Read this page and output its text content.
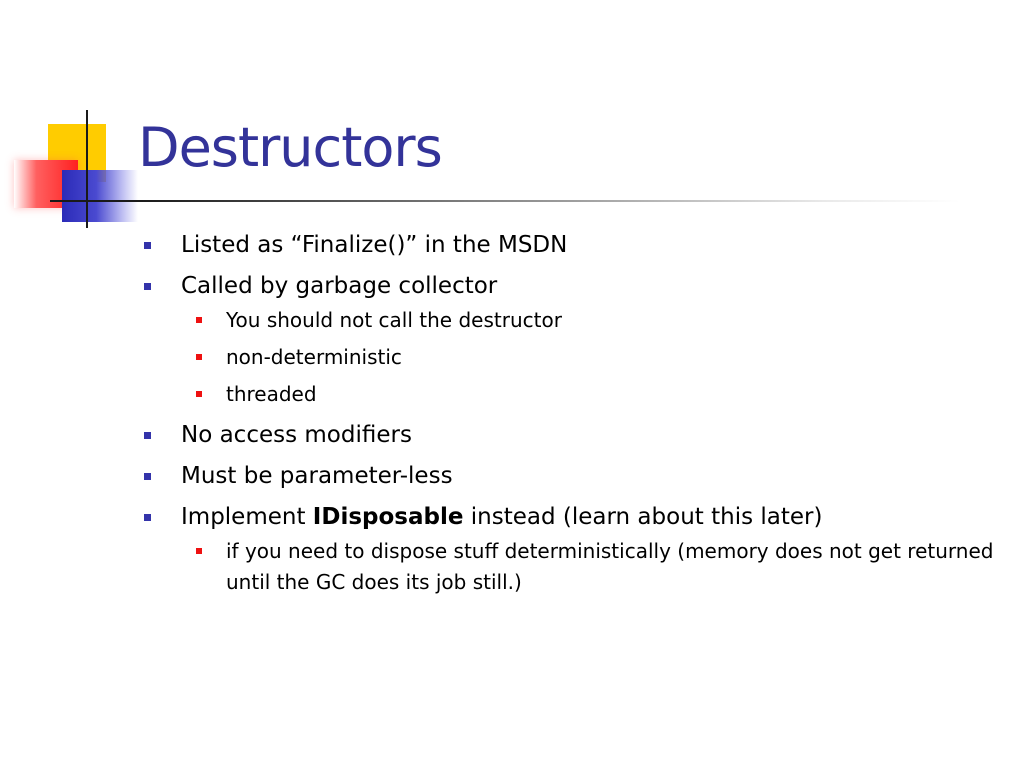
Destructors
Listed as “Finalize()” in the MSDN
Called by garbage collector
You should not call the destructor
non-deterministic
threaded
No access modifiers
Must be parameter-less
Implement IDisposable instead (learn about this later)
if you need to dispose stuff deterministically (memory does not get returned until the GC does its job still.)
